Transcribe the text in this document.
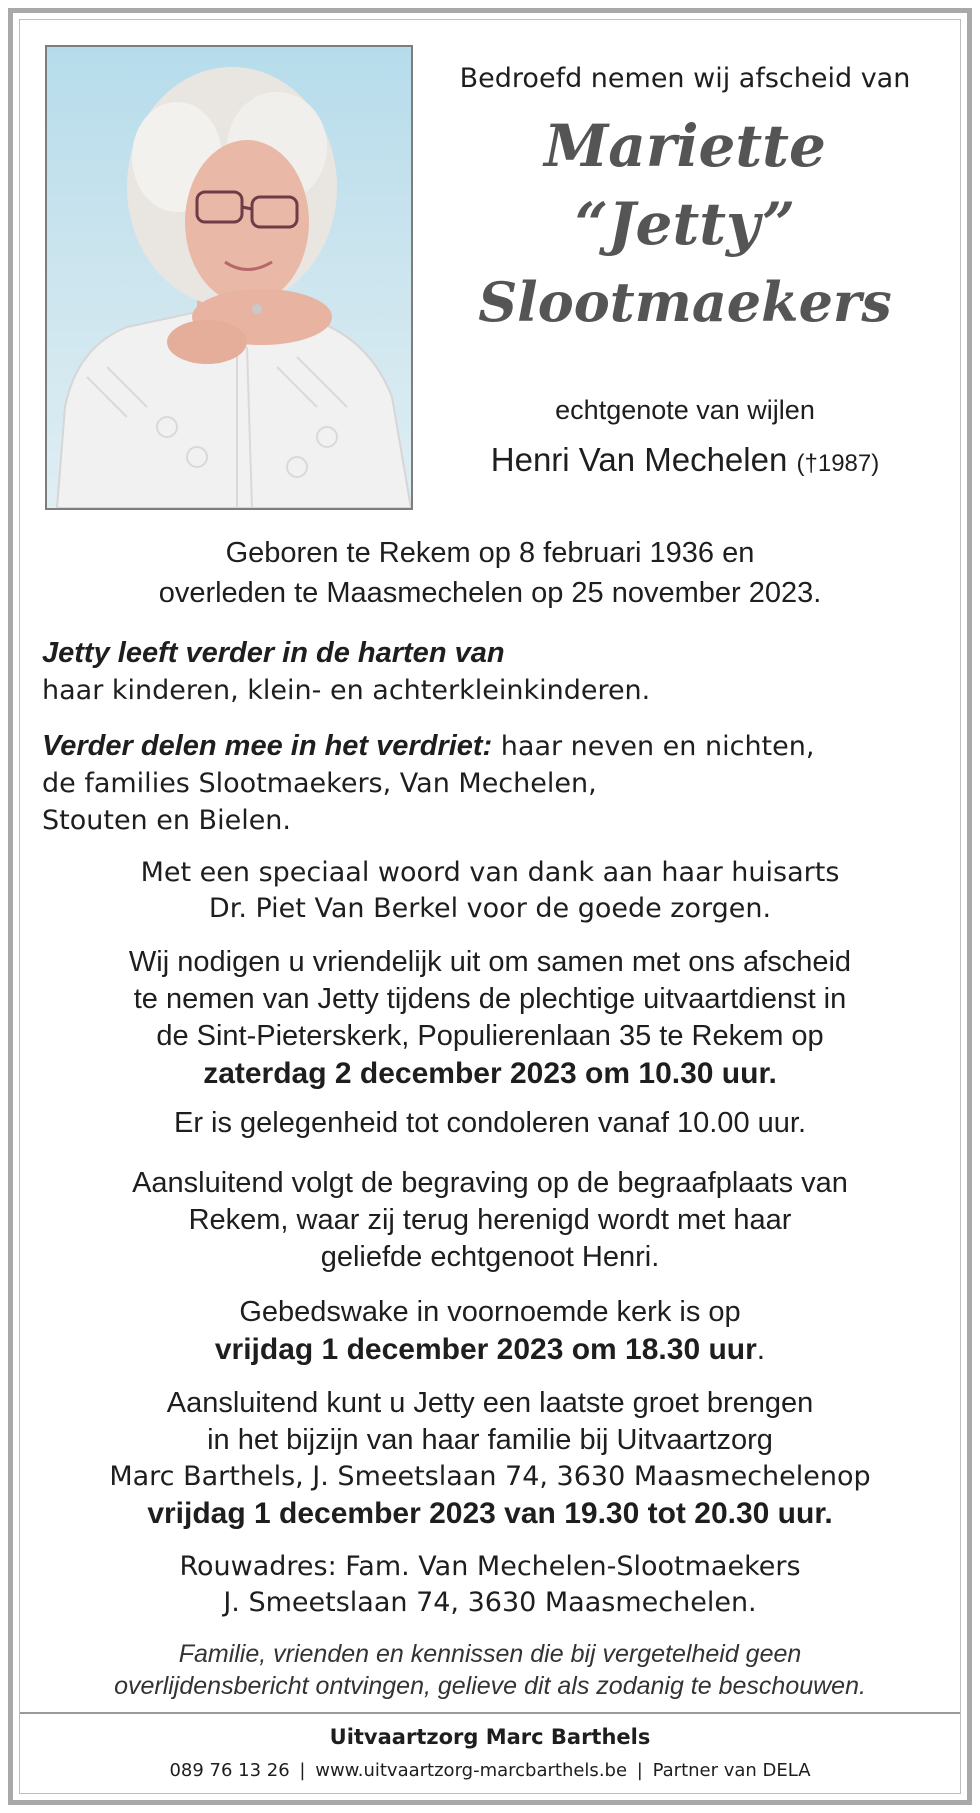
Bedroefd nemen wij afscheid van
Mariette
“Jetty”
Slootmaekers
echtgenote van wijlen
Henri Van Mechelen (†1987)
Geboren te Rekem op 8 februari 1936 en
overleden te Maasmechelen op 25 november 2023.
Jetty leeft verder in de harten van
haar kinderen, klein- en achterkleinkinderen.
Verder delen mee in het verdriet: haar neven en nichten,
de families Slootmaekers, Van Mechelen,
Stouten en Bielen.
Met een speciaal woord van dank aan haar huisarts
Dr. Piet Van Berkel voor de goede zorgen.
Wij nodigen u vriendelijk uit om samen met ons afscheid
te nemen van Jetty tijdens de plechtige uitvaartdienst in
de Sint-Pieterskerk, Populierenlaan 35 te Rekem op
zaterdag 2 december 2023 om 10.30 uur.
Er is gelegenheid tot condoleren vanaf 10.00 uur.
Aansluitend volgt de begraving op de begraafplaats van
Rekem, waar zij terug herenigd wordt met haar
geliefde echtgenoot Henri.
Gebedswake in voornoemde kerk is op
vrijdag 1 december 2023 om 18.30 uur.
Aansluitend kunt u Jetty een laatste groet brengen
in het bijzijn van haar familie bij Uitvaartzorg
Marc Barthels, J. Smeetslaan 74, 3630 Maasmechelenop
vrijdag 1 december 2023 van 19.30 tot 20.30 uur.
Rouwadres: Fam. Van Mechelen-Slootmaekers
J. Smeetslaan 74, 3630 Maasmechelen.
Familie, vrienden en kennissen die bij vergetelheid geen
overlijdensbericht ontvingen, gelieve dit als zodanig te beschouwen.
Uitvaartzorg Marc Barthels
089 76 13 26 | www.uitvaartzorg-marcbarthels.be | Partner van DELA
